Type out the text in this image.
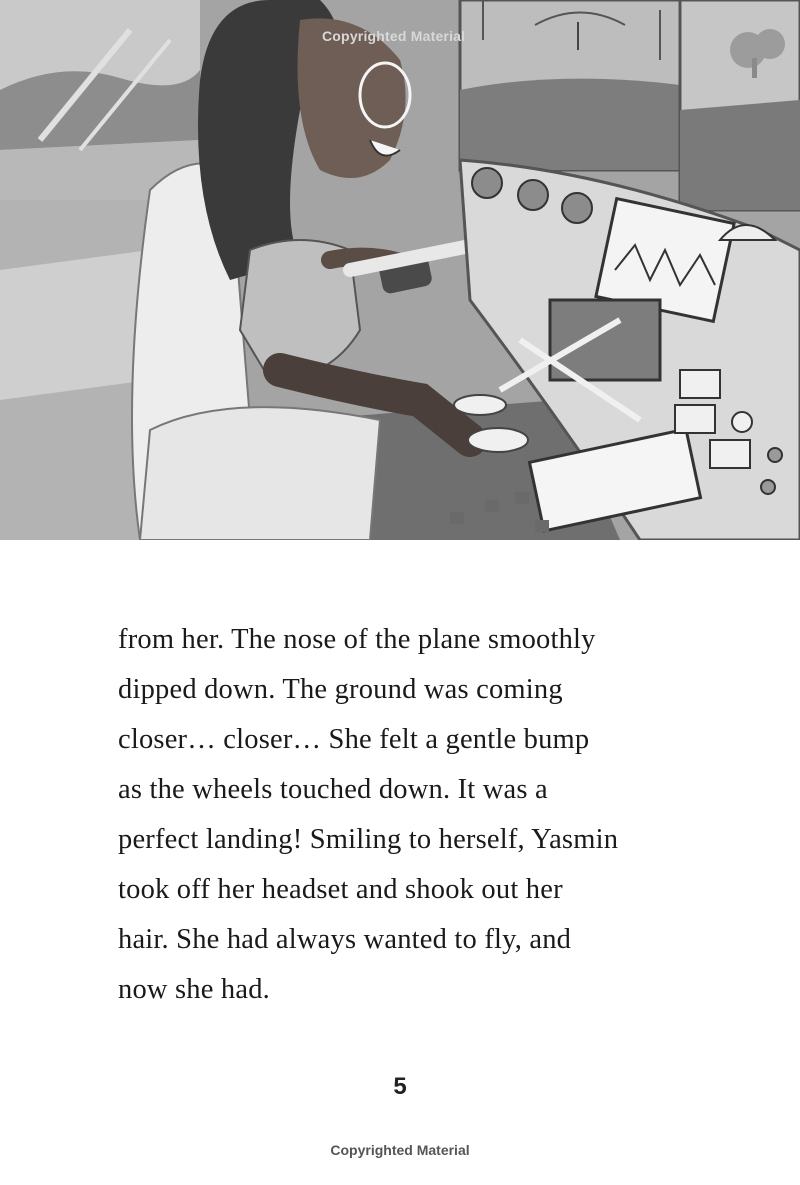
Copyrighted Material
from her. The nose of the plane smoothly
dipped down. The ground was coming
closer… closer… She felt a gentle bump
as the wheels touched down. It was a
perfect landing! Smiling to herself, Yasmin
took off her headset and shook out her
hair. She had always wanted to fly, and
now she had.
5
Copyrighted Material
